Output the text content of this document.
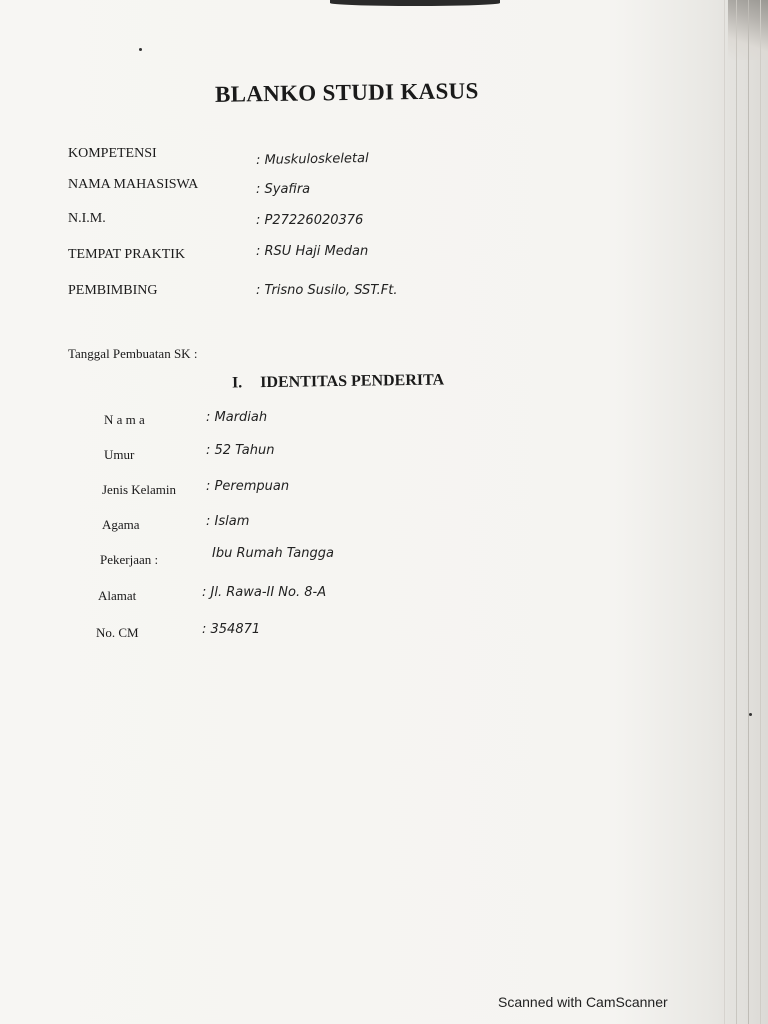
BLANKO STUDI KASUS
KOMPETENSI	: Muskuloskeletal
NAMA MAHASISWA	: Syafira
N.I.M.	: P27226020376
TEMPAT PRAKTIK	: RSU Haji Medan
PEMBIMBING	: Trisno Susilo, SST.Ft.
Tanggal Pembuatan SK :
I. IDENTITAS PENDERITA
N a m a	: Mardiah
Umur	: 52 Tahun
Jenis Kelamin : Perempuan
Agama	: Islam
Pekerjaan :	Ibu Rumah Tangga
Alamat	: Jl. Rawa-II No. 8-A
No. CM	: 354871
Scanned with CamScanner
